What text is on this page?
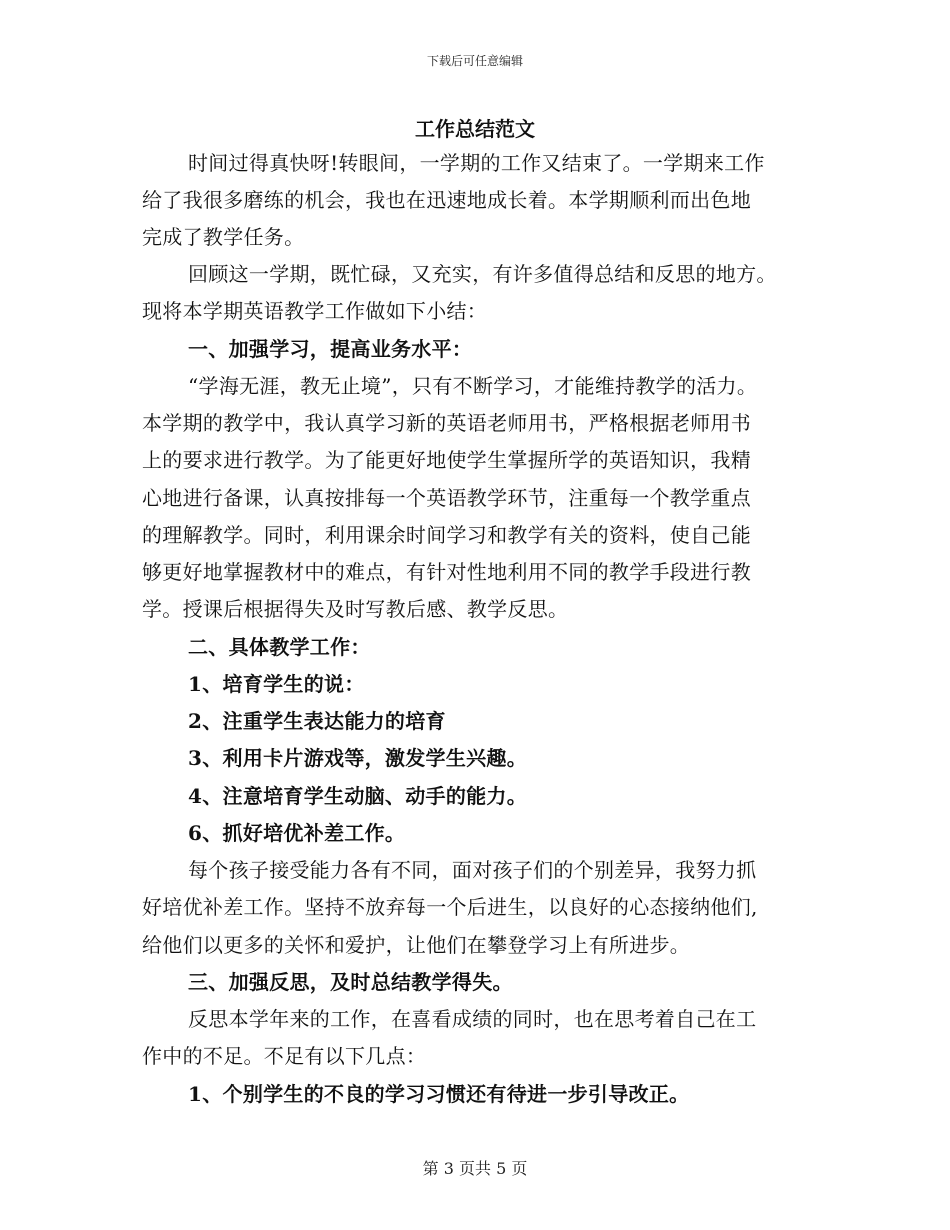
下载后可任意编辑
工作总结范文
时间过得真快呀!转眼间，一学期的工作又结束了。一学期来工作
给了我很多磨练的机会，我也在迅速地成长着。本学期顺利而出色地
完成了教学任务。
回顾这一学期，既忙碌，又充实，有许多值得总结和反思的地方。
现将本学期英语教学工作做如下小结：
一、加强学习，提高业务水平：
“学海无涯，教无止境”，只有不断学习，才能维持教学的活力。
本学期的教学中，我认真学习新的英语老师用书，严格根据老师用书
上的要求进行教学。为了能更好地使学生掌握所学的英语知识，我精
心地进行备课，认真按排每一个英语教学环节，注重每一个教学重点
的理解教学。同时，利用课余时间学习和教学有关的资料，使自己能
够更好地掌握教材中的难点，有针对性地利用不同的教学手段进行教
学。授课后根据得失及时写教后感、教学反思。
二、具体教学工作：
1、培育学生的说：
2、注重学生表达能力的培育
3、利用卡片游戏等，激发学生兴趣。
4、注意培育学生动脑、动手的能力。
6、抓好培优补差工作。
每个孩子接受能力各有不同，面对孩子们的个别差异，我努力抓
好培优补差工作。坚持不放弃每一个后进生，以良好的心态接纳他们,
给他们以更多的关怀和爱护，让他们在攀登学习上有所进步。
三、加强反思，及时总结教学得失。
反思本学年来的工作，在喜看成绩的同时，也在思考着自己在工
作中的不足。不足有以下几点：
1、个别学生的不良的学习习惯还有待进一步引导改正。
第 3 页共 5 页
